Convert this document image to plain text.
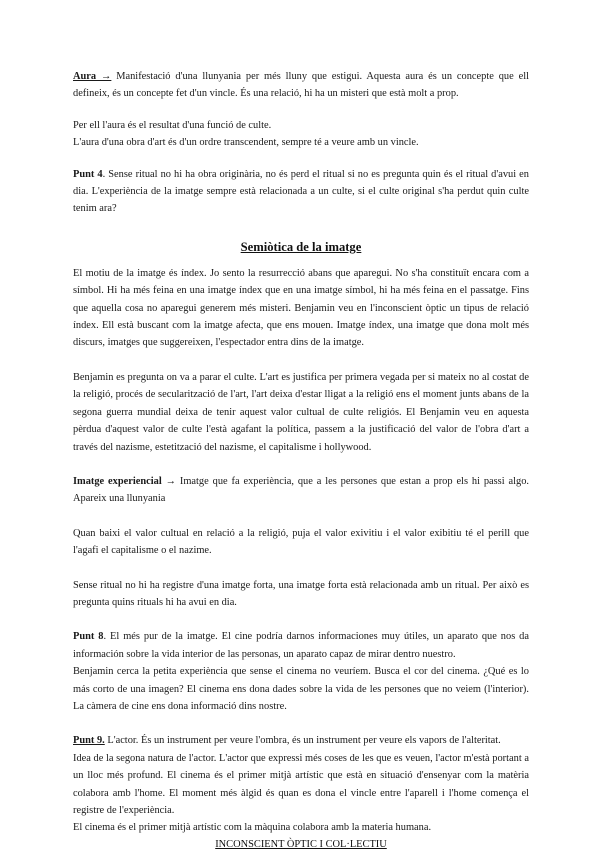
Aura → Manifestació d'una llunyania per més lluny que estigui. Aquesta aura és un concepte que ell defineix, és un concepte fet d'un vincle. És una relació, hi ha un misteri que està molt a prop.

Per ell l'aura és el resultat d'una funció de culte.

L'aura d'una obra d'art és d'un ordre transcendent, sempre té a veure amb un vincle.

Punt 4. Sense ritual no hi ha obra originària, no és perd el ritual si no es pregunta quin és el ritual d'avui en dia. L'experiència de la imatge sempre està relacionada a un culte, si el culte original s'ha perdut quin culte tenim ara?

Semiòtica de la imatge

El motiu de la imatge és índex. Jo sento la resurrecció abans que aparegui. No s'ha constituït encara com a símbol. Hi ha més feina en una imatge índex que en una imatge símbol, hi ha més feina en el passatge. Fins que aquella cosa no aparegui generem més misteri. Benjamin veu en l'inconscient òptic un tipus de relació índex. Ell està buscant com la imatge afecta, que ens mouen. Imatge índex, una imatge que dona molt més discurs, imatges que suggereixen, l'espectador entra dins de la imatge.

Benjamin es pregunta on va a parar el culte. L'art es justifica per primera vegada per si mateix no al costat de la religió, procés de secularització de l'art, l'art deixa d'estar lligat a la religió ens el moment junts abans de la segona guerra mundial deixa de tenir aquest valor cultual de culte religiós. El Benjamin veu en aquesta pèrdua d'aquest valor de culte l'està agafant la política, passem a la justificació del valor de l'obra d'art a través del nazisme, estetització del nazisme, el capitalisme i hollywood.

Imatge experiencial → Imatge que fa experiència, que a les persones que estan a prop els hi passi algo. Apareix una llunyania

Quan baixi el valor cultual en relació a la religió, puja el valor exivitiu i el valor exibitiu té el perill que l'agafi el capitalisme o el nazime.

Sense ritual no hi ha registre d'una imatge forta, una imatge forta està relacionada amb un ritual. Per això es pregunta quins rituals hi ha avui en dia.

Punt 8. El més pur de la imatge. El cine podría darnos informaciones muy útiles, un aparato que nos da información sobre la vida interior de las personas, un aparato capaz de mirar dentro nuestro.

Benjamin cerca la petita experiència que sense el cinema no veuríem. Busca el cor del cinema. ¿Qué es lo más corto de una imagen? El cinema ens dona dades sobre la vida de les persones que no veiem (l'interior). La càmera de cine ens dona informació dins nostre.

Punt 9. L'actor. És un instrument per veure l'ombra, és un instrument per veure els vapors de l'alteritat.

Idea de la segona natura de l'actor. L'actor que expressi més coses de les que es veuen, l'actor m'està portant a un lloc més profund. El cinema és el primer mitjà artístic que està en situació d'ensenyar com la matèria colabora amb l'home. El moment més àlgid és quan es dona el vincle entre l'aparell i l'home comença el registre de l'experiència.

El cinema és el primer mitjà artístic com la màquina colabora amb la materia humana.

INCONSCIENT ÒPTIC I COL·LECTIU
